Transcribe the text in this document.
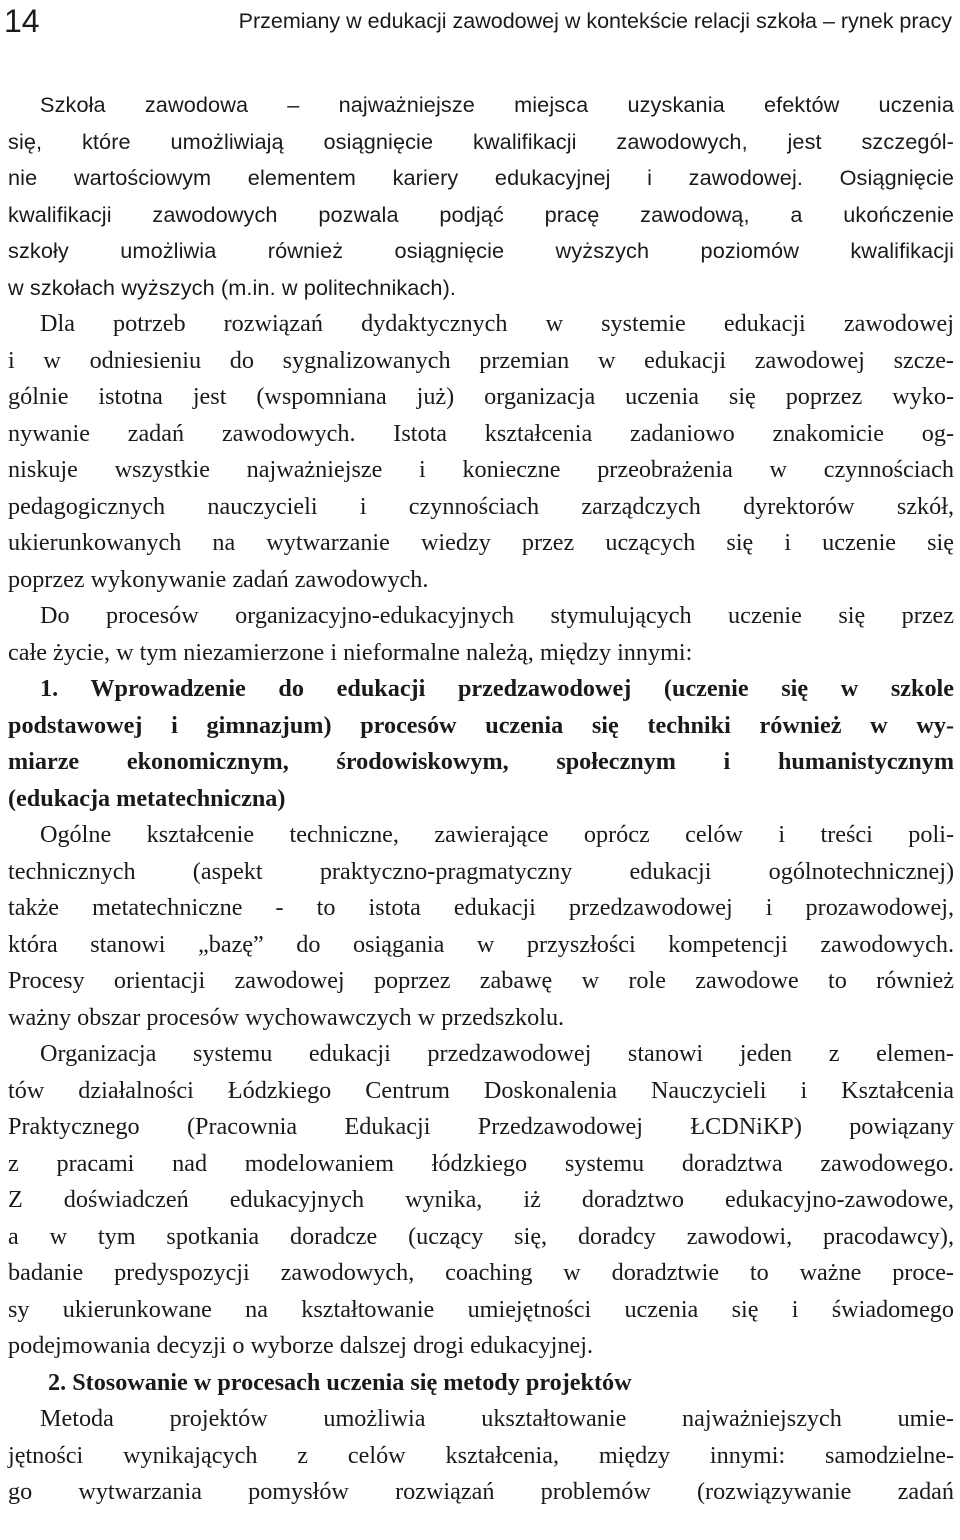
14	Przemiany w edukacji zawodowej w kontekście relacji szkoła – rynek pracy
Szkoła zawodowa – najważniejsze miejsca uzyskania efektów uczenia
się, które umożliwiają osiągnięcie kwalifikacji zawodowych, jest szczegól-
nie wartościowym elementem kariery edukacyjnej i zawodowej. Osiągnięcie
kwalifikacji zawodowych pozwala podjąć pracę zawodową, a ukończenie
szkoły umożliwia również osiągnięcie wyższych poziomów kwalifikacji
w szkołach wyższych (m.in. w politechnikach).
Dla potrzeb rozwiązań dydaktycznych w systemie edukacji zawodowej
i w odniesieniu do sygnalizowanych przemian w edukacji zawodowej szcze-
gólnie istotna jest (wspomniana już) organizacja uczenia się poprzez wyko-
nywanie zadań zawodowych. Istota kształcenia zadaniowo znakomicie og-
niskuje wszystkie najważniejsze i konieczne przeobrażenia w czynnościach
pedagogicznych nauczycieli i czynnościach zarządczych dyrektorów szkół,
ukierunkowanych na wytwarzanie wiedzy przez uczących się i uczenie się
poprzez wykonywanie zadań zawodowych.
Do procesów organizacyjno-edukacyjnych stymulujących uczenie się przez
całe życie, w tym niezamierzone i nieformalne należą, między innymi:
1. Wprowadzenie do edukacji przedzawodowej (uczenie się w szkole
podstawowej i gimnazjum) procesów uczenia się techniki również w wy-
miarze ekonomicznym, środowiskowym, społecznym i humanistycznym
(edukacja metatechniczna)
Ogólne kształcenie techniczne, zawierające oprócz celów i treści poli-
technicznych (aspekt praktyczno-pragmatyczny edukacji ogólnotechnicznej)
także metatechniczne - to istota edukacji przedzawodowej i prozawodowej,
która stanowi „bazę” do osiągania w przyszłości kompetencji zawodowych.
Procesy orientacji zawodowej poprzez zabawę w role zawodowe to również
ważny obszar procesów wychowawczych w przedszkolu.
Organizacja systemu edukacji przedzawodowej stanowi jeden z elemen-
tów działalności Łódzkiego Centrum Doskonalenia Nauczycieli i Kształcenia
Praktycznego (Pracownia Edukacji Przedzawodowej ŁCDNiKP) powiązany
z pracami nad modelowaniem łódzkiego systemu doradztwa zawodowego.
Z doświadczeń edukacyjnych wynika, iż doradztwo edukacyjno-zawodowe,
a w tym spotkania doradcze (uczący się, doradcy zawodowi, pracodawcy),
badanie predyspozycji zawodowych, coaching w doradztwie to ważne proce-
sy ukierunkowane na kształtowanie umiejętności uczenia się i świadomego
podejmowania decyzji o wyborze dalszej drogi edukacyjnej.
2. Stosowanie w procesach uczenia się metody projektów
Metoda projektów umożliwia ukształtowanie najważniejszych umie-
jętności wynikających z celów kształcenia, między innymi: samodzielne-
go wytwarzania pomysłów rozwiązań problemów (rozwiązywanie zadań
